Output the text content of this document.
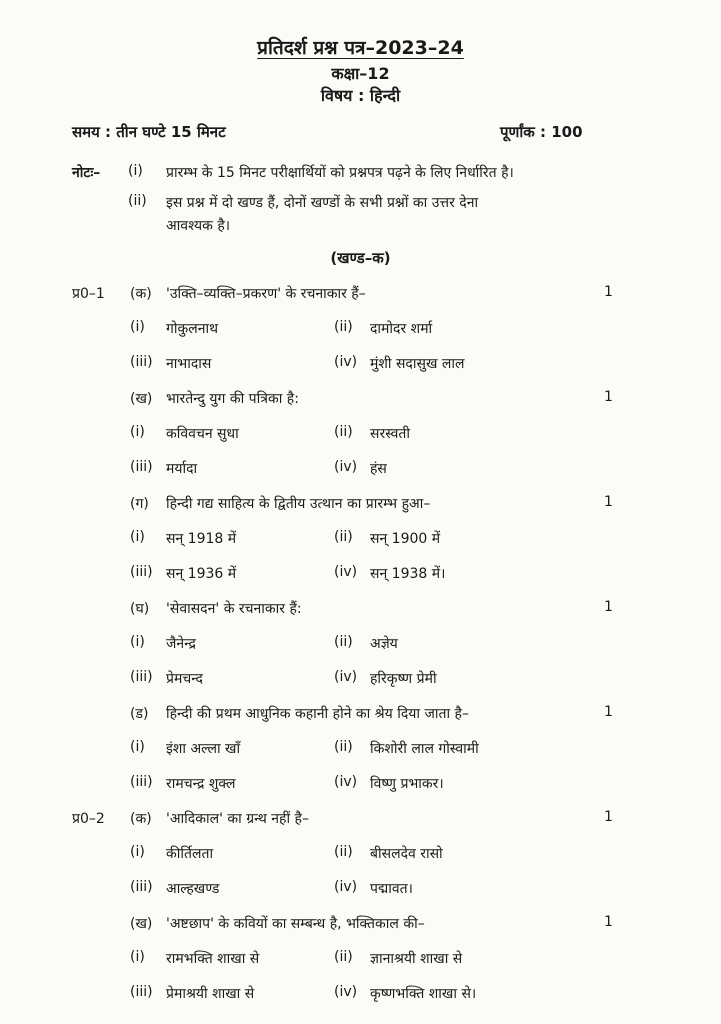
प्रतिदर्श प्रश्न पत्र–2023–24
कक्षा–12
विषय : हिन्दी
समय : तीन घण्टे 15 मिनट	पूर्णांक : 100
नोटः– (i) प्रारम्भ के 15 मिनट परीक्षार्थियों को प्रश्नपत्र पढ़ने के लिए निर्धारित है।
(ii) इस प्रश्न में दो खण्ड हैं, दोनों खण्डों के सभी प्रश्नों का उत्तर देना
आवश्यक है।
(खण्ड–क)
प्र0–1 (क) 'उक्ति–व्यक्ति–प्रकरण' के रचनाकार हैं–	1
(i) गोकुलनाथ	(ii) दामोदर शर्मा
(iii) नाभादास	(iv) मुंशी सदासुख लाल
(ख) भारतेन्दु युग की पत्रिका है:	1
(i) कविवचन सुधा	(ii) सरस्वती
(iii) मर्यादा	(iv) हंस
(ग) हिन्दी गद्य साहित्य के द्वितीय उत्थान का प्रारम्भ हुआ–	1
(i) सन् 1918 में	(ii) सन् 1900 में
(iii) सन् 1936 में	(iv) सन् 1938 में।
(घ) 'सेवासदन' के रचनाकार हैं:	1
(i) जैनेन्द्र	(ii) अज्ञेय
(iii) प्रेमचन्द	(iv) हरिकृष्ण प्रेमी
(ड) हिन्दी की प्रथम आधुनिक कहानी होने का श्रेय दिया जाता है–	1
(i) इंशा अल्ला खाँ	(ii) किशोरी लाल गोस्वामी
(iii) रामचन्द्र शुक्ल	(iv) विष्णु प्रभाकर।
प्र0–2 (क) 'आदिकाल' का ग्रन्थ नहीं है–	1
(i) कीर्तिलता	(ii) बीसलदेव रासो
(iii) आल्हखण्ड	(iv) पद्मावत।
(ख) 'अष्टछाप' के कवियों का सम्बन्ध है, भक्तिकाल की–	1
(i) रामभक्ति शाखा से	(ii) ज्ञानाश्रयी शाखा से
(iii) प्रेमाश्रयी शाखा से	(iv) कृष्णभक्ति शाखा से।
